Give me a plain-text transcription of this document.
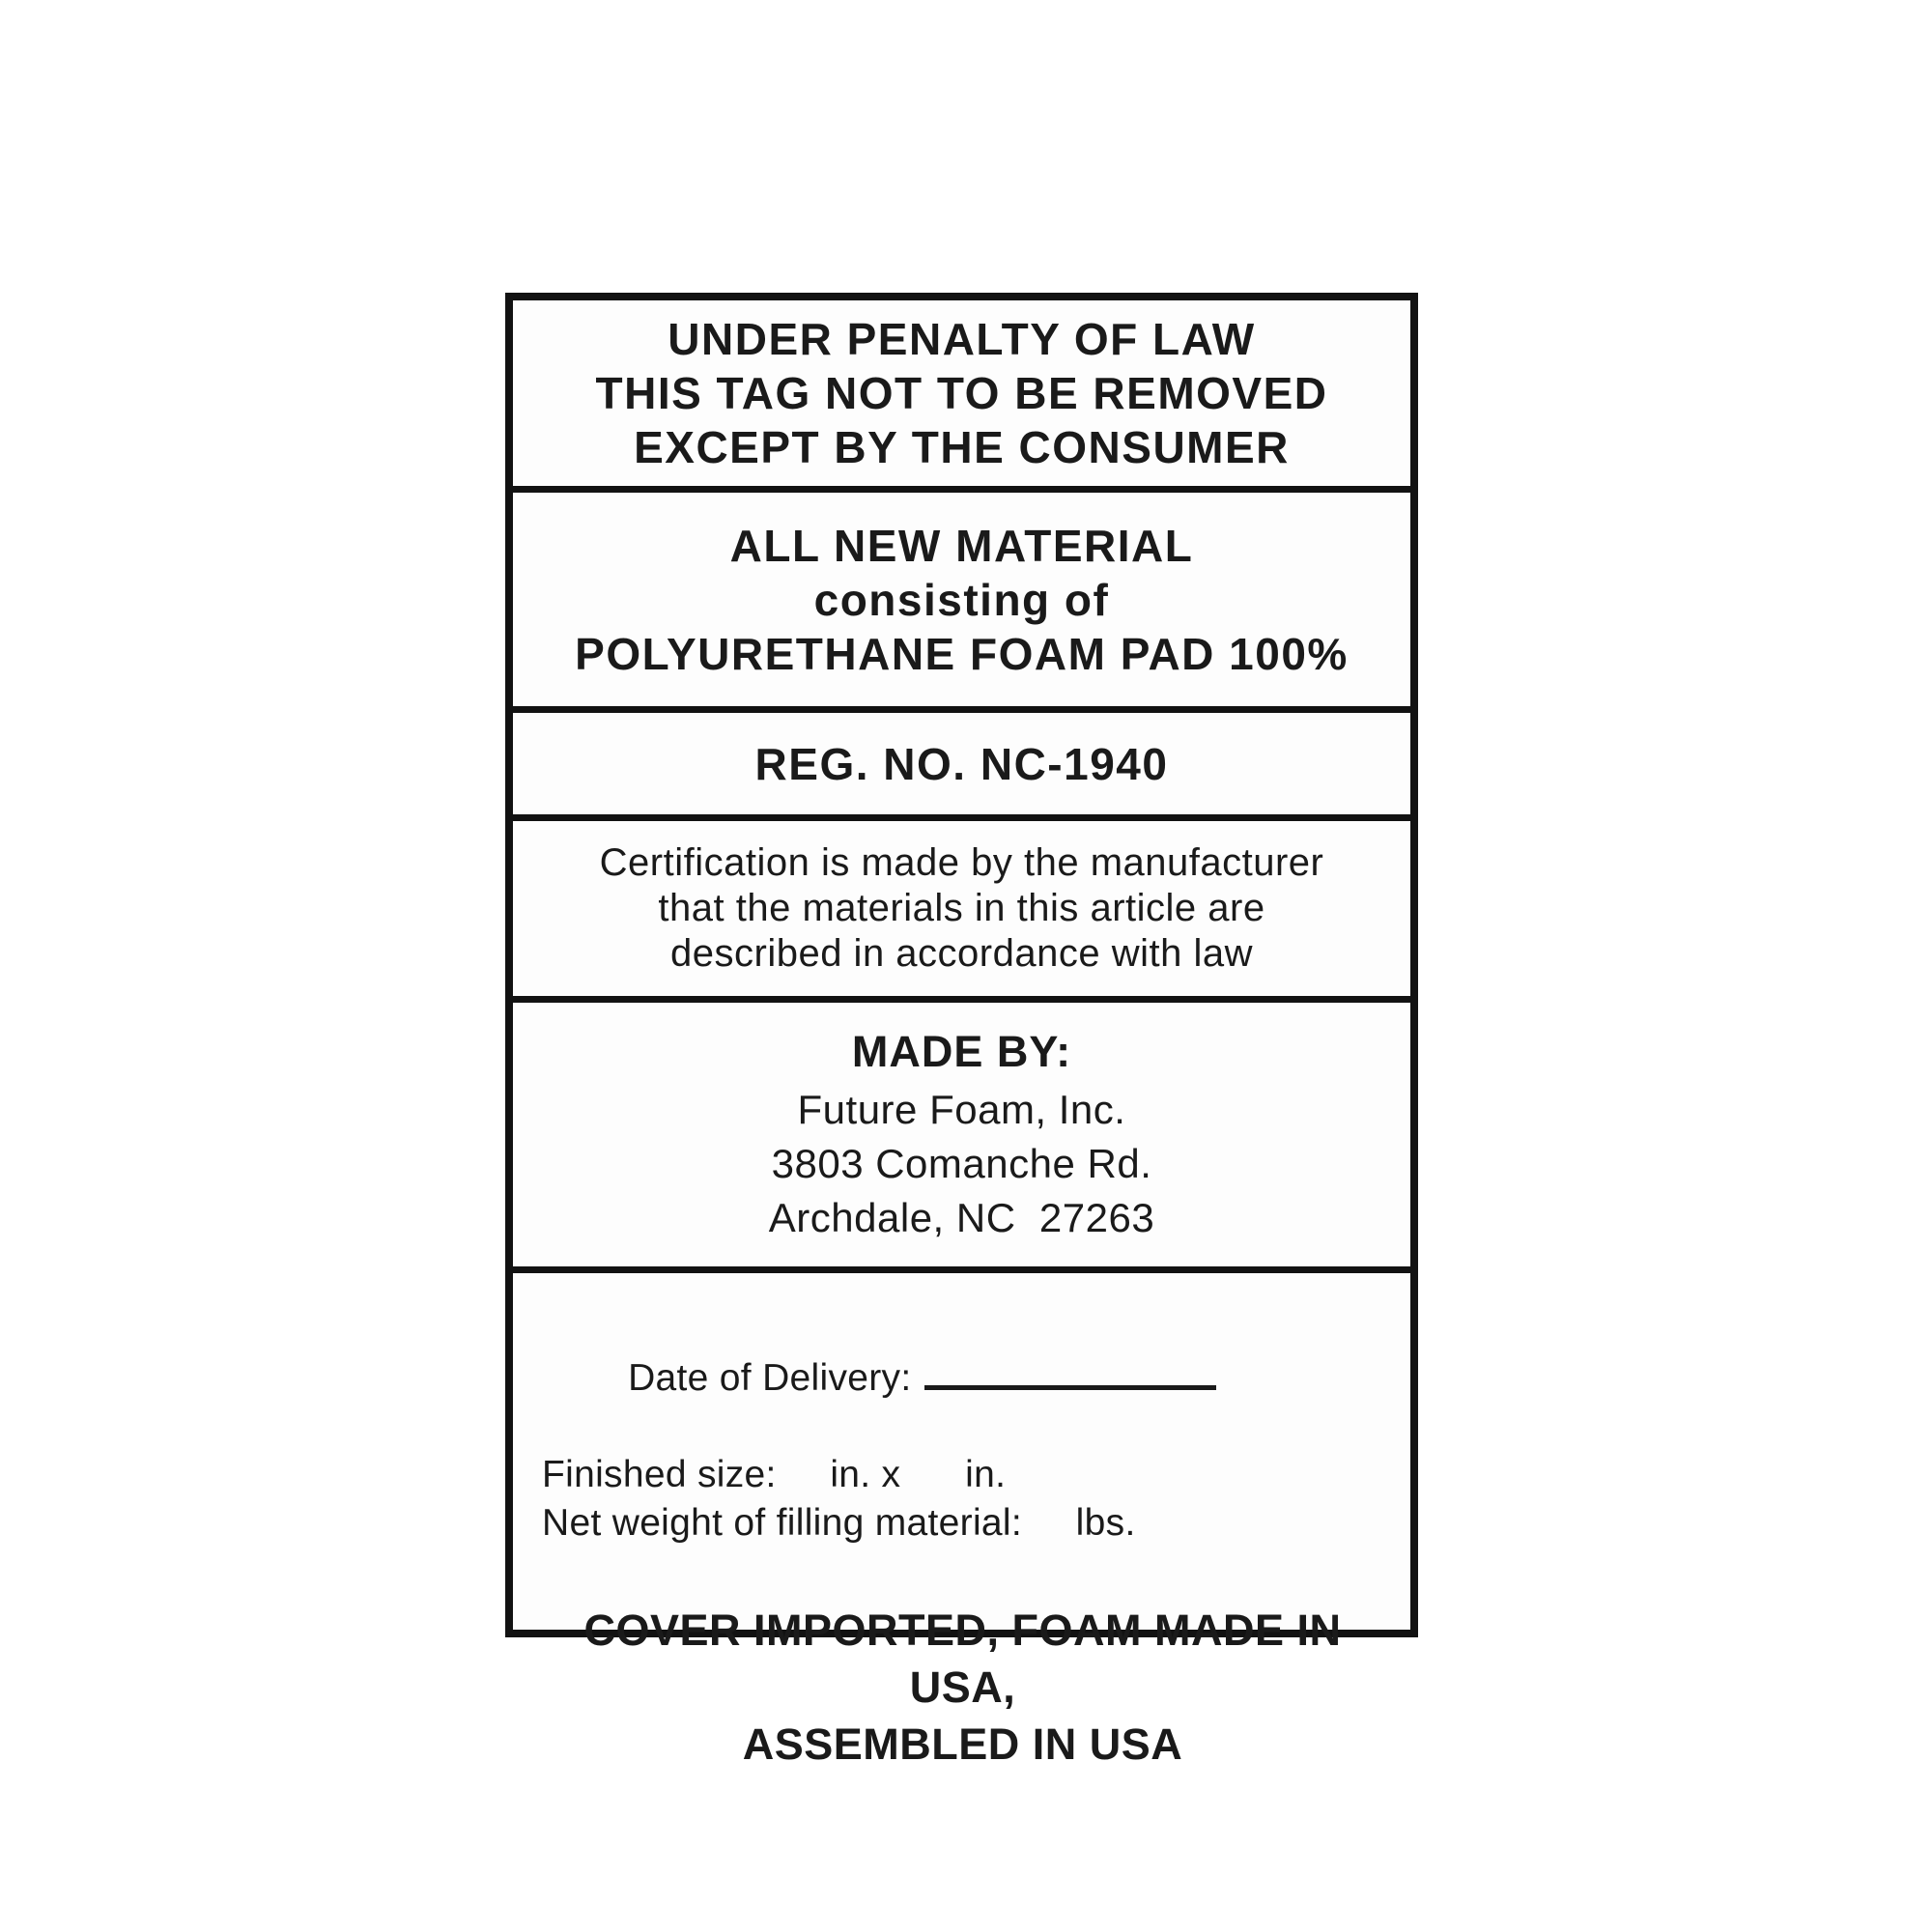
UNDER PENALTY OF LAW
THIS TAG NOT TO BE REMOVED
EXCEPT BY THE CONSUMER
ALL NEW MATERIAL
consisting of
POLYURETHANE FOAM PAD 100%
REG. NO. NC-1940
Certification is made by the manufacturer
that the materials in this article are
described in accordance with law
MADE BY:
Future Foam, Inc.
3803 Comanche Rd.
Archdale, NC  27263

Date of Delivery:

Finished size:     in. x      in.
Net weight of filling material:     lbs.
COVER IMPORTED, FOAM MADE IN USA,
ASSEMBLED IN USA
